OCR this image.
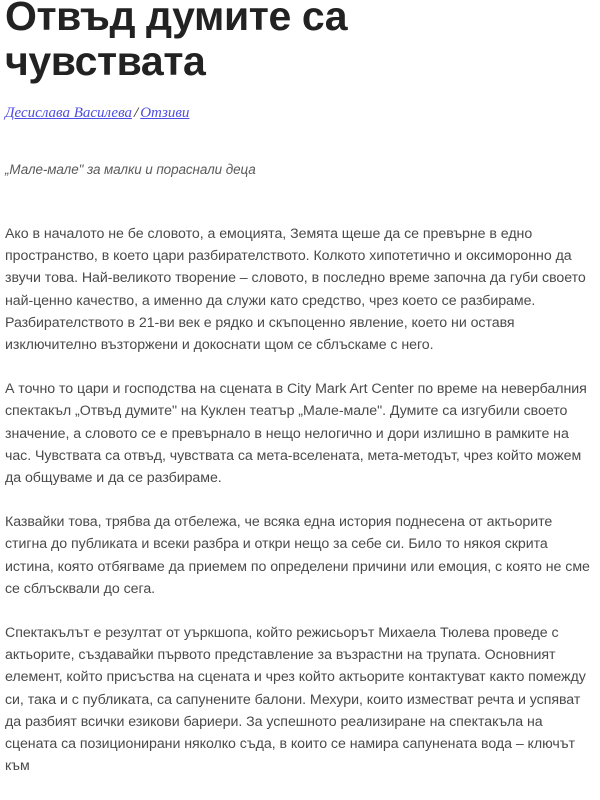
Отвъд думите са чувствата
Десислава Василева / Отзиви
„Мале-мале" за малки и пораснали деца

Ако в началото не бе словото, а емоцията, Земята щеше да се превърне в едно пространство, в което цари разбирателството. Колкото хипотетично и оксиморонно да звучи това. Най-великото творение – словото, в последно време започна да губи своето най-ценно качество, а именно да служи като средство, чрез което се разбираме. Разбирателството в 21-ви век е рядко и скъпоценно явление, което ни оставя изключително възторжени и докоснати щом се сблъскаме с него.

А точно то цари и господства на сцената в City Mark Art Center по време на невербалния спектакъл „Отвъд думите" на Куклен театър „Мале-мале". Думите са изгубили своето значение, а словото се е превърнало в нещо нелогично и дори излишно в рамките на час. Чувствата са отвъд, чувствата са мета-вселената, мета-методът, чрез който можем да общуваме и да се разбираме.

Казвайки това, трябва да отбележа, че всяка една история поднесена от актьорите стигна до публиката и всеки разбра и откри нещо за себе си. Било то някоя скрита истина, която отбягваме да приемем по определени причини или емоция, с която не сме се сблъсквали до сега.

Спектакълът е резултат от уъркшопа, който режисьорът Михаела Тюлева проведе с актьорите, създавайки първото представление за възрастни на трупата. Основният елемент, който присъства на сцената и чрез който актьорите контактуват както помежду си, така и с публиката, са сапунените балони. Мехури, които изместват речта и успяват да разбият всички езикови бариери. За успешното реализиране на спектакъла на сцената са позиционирани няколко съда, в които се намира сапунената вода – ключът към
